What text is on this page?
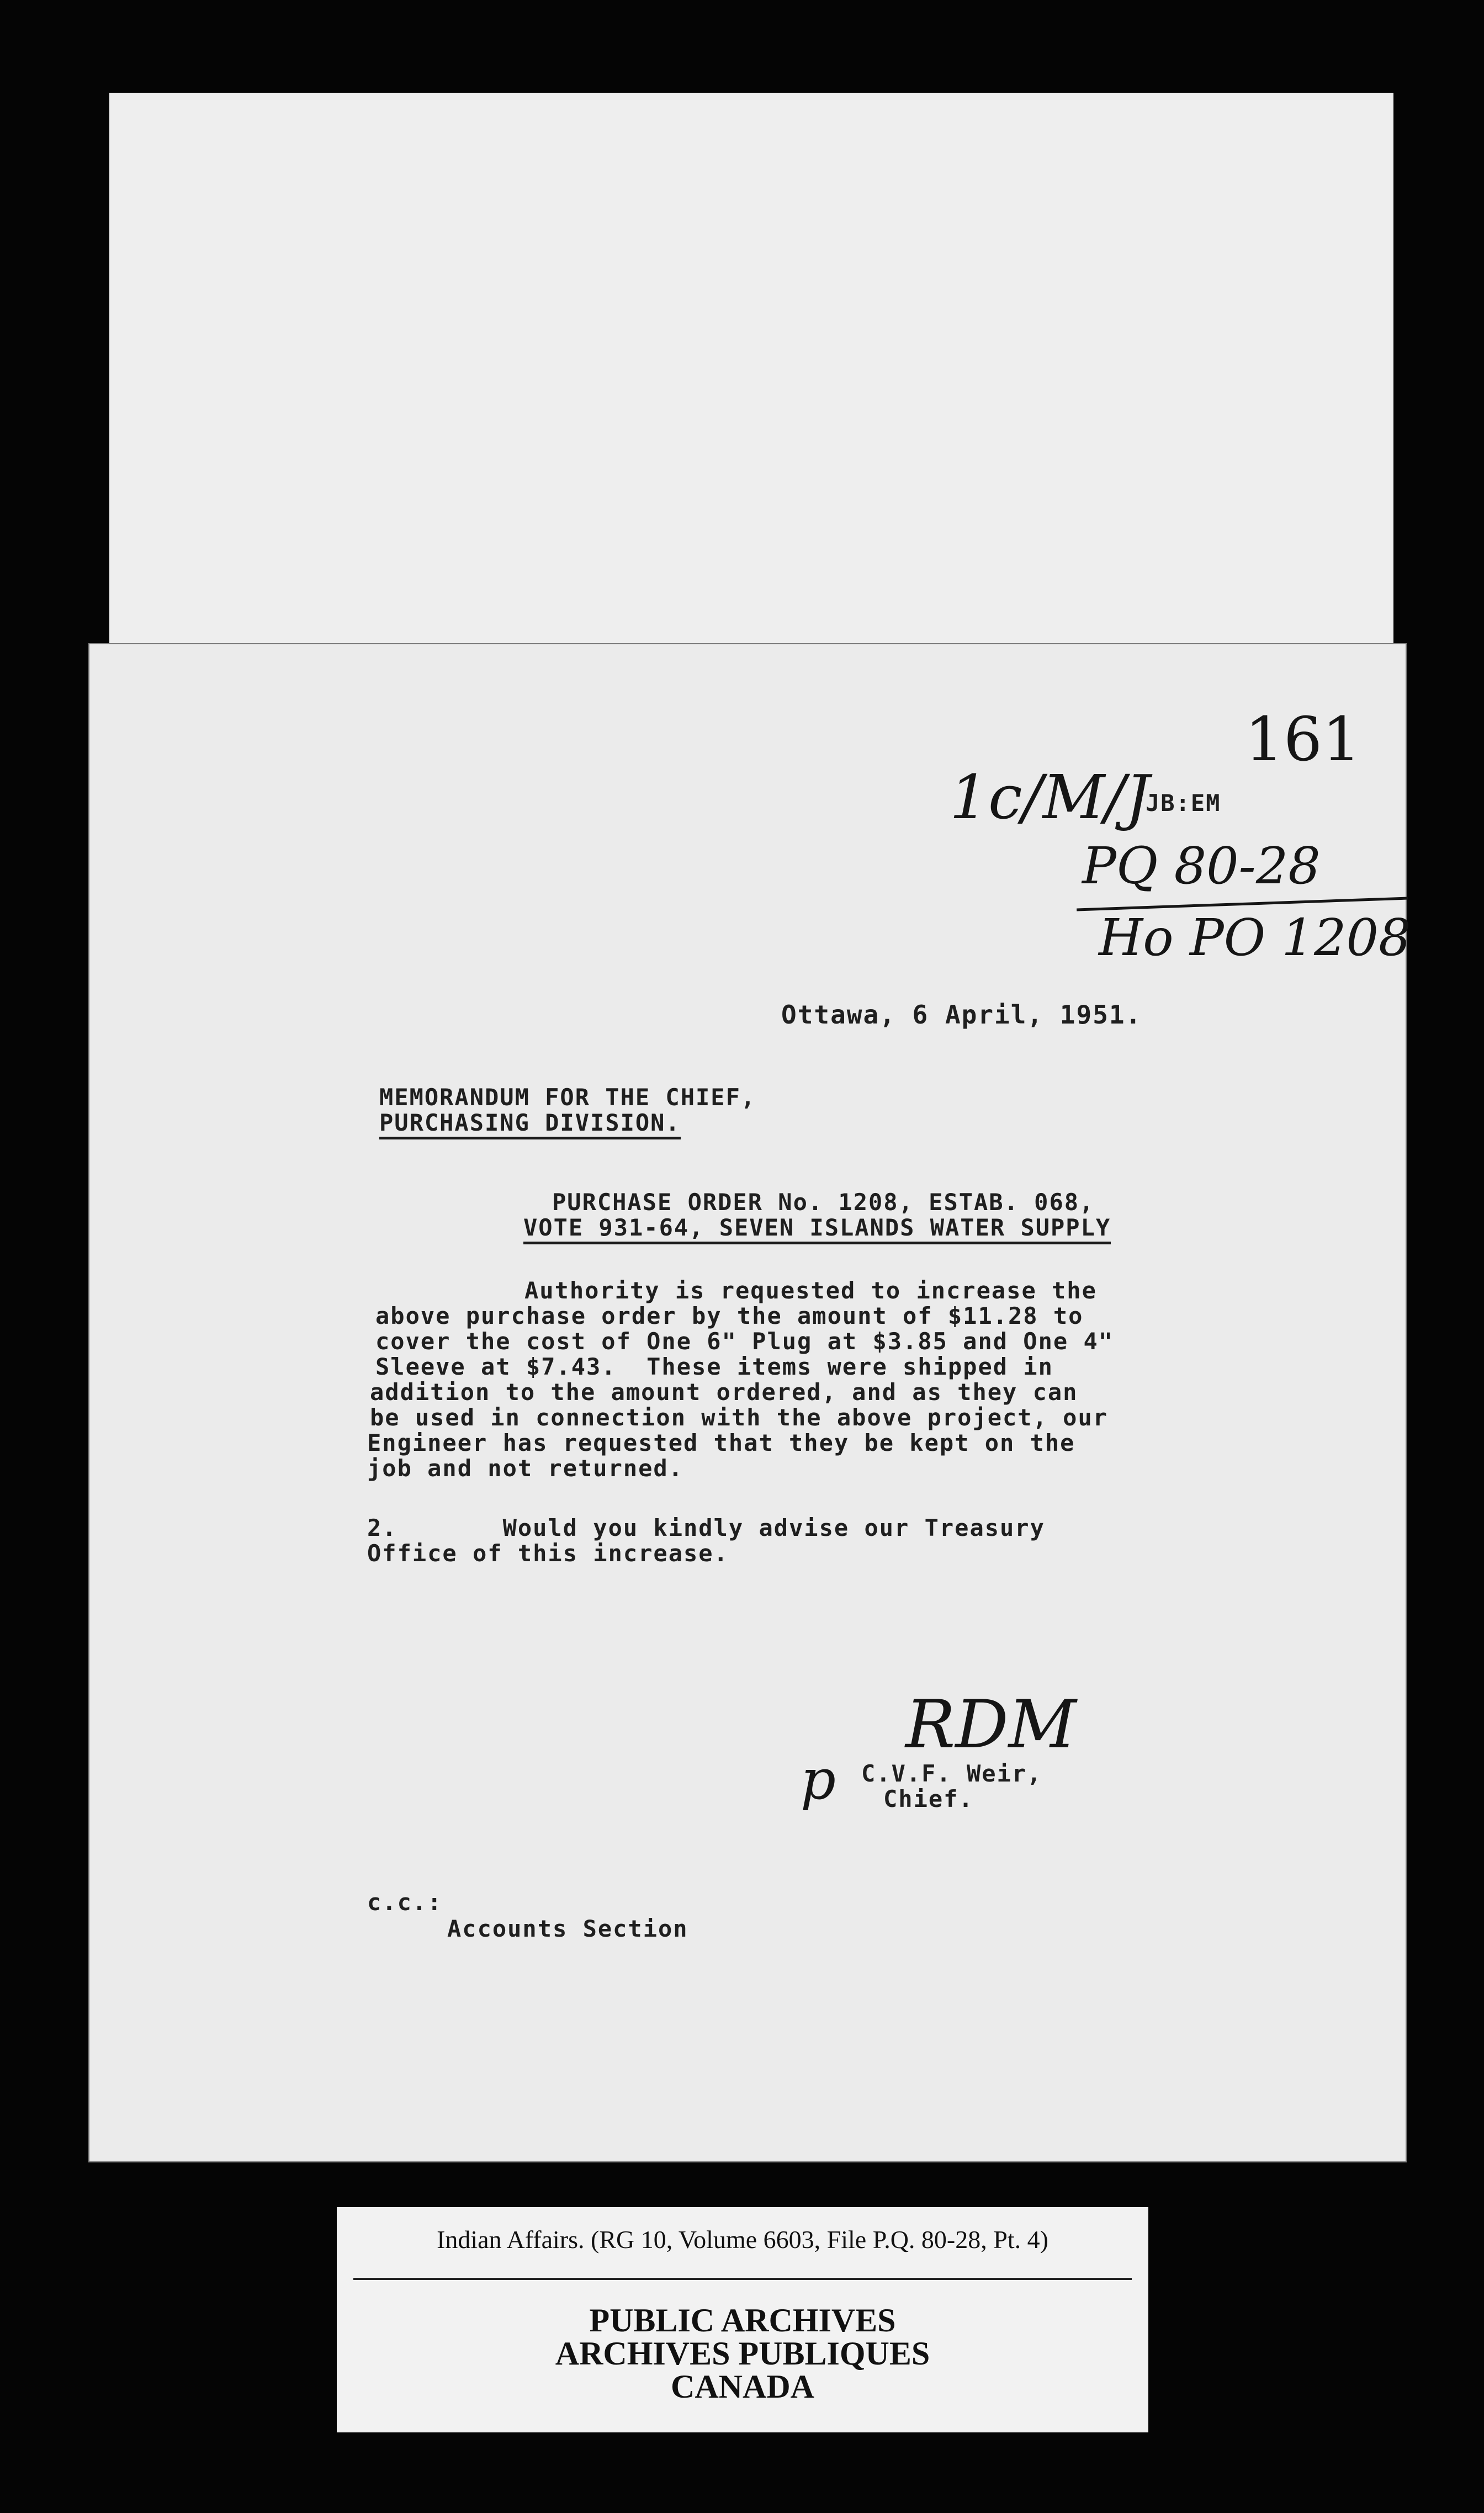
161
1c/M/J
JB:EM
PQ 80-28
Ho PO 1208
Ottawa, 6 April, 1951.
MEMORANDUM FOR THE CHIEF,
PURCHASING DIVISION.
PURCHASE ORDER No. 1208, ESTAB. 068,
VOTE 931-64, SEVEN ISLANDS WATER SUPPLY
Authority is requested to increase the
above purchase order by the amount of $11.28 to
cover the cost of One 6" Plug at $3.85 and One 4"
Sleeve at $7.43.  These items were shipped in
addition to the amount ordered, and as they can
be used in connection with the above project, our
Engineer has requested that they be kept on the
job and not returned.
2.       Would you kindly advise our Treasury
Office of this increase.
RDM
p C.V.F. Weir,
Chief.
c.c.:
Accounts Section
Indian Affairs. (RG 10, Volume 6603, File P.Q. 80-28, Pt. 4)
PUBLIC ARCHIVES
ARCHIVES PUBLIQUES
CANADA
